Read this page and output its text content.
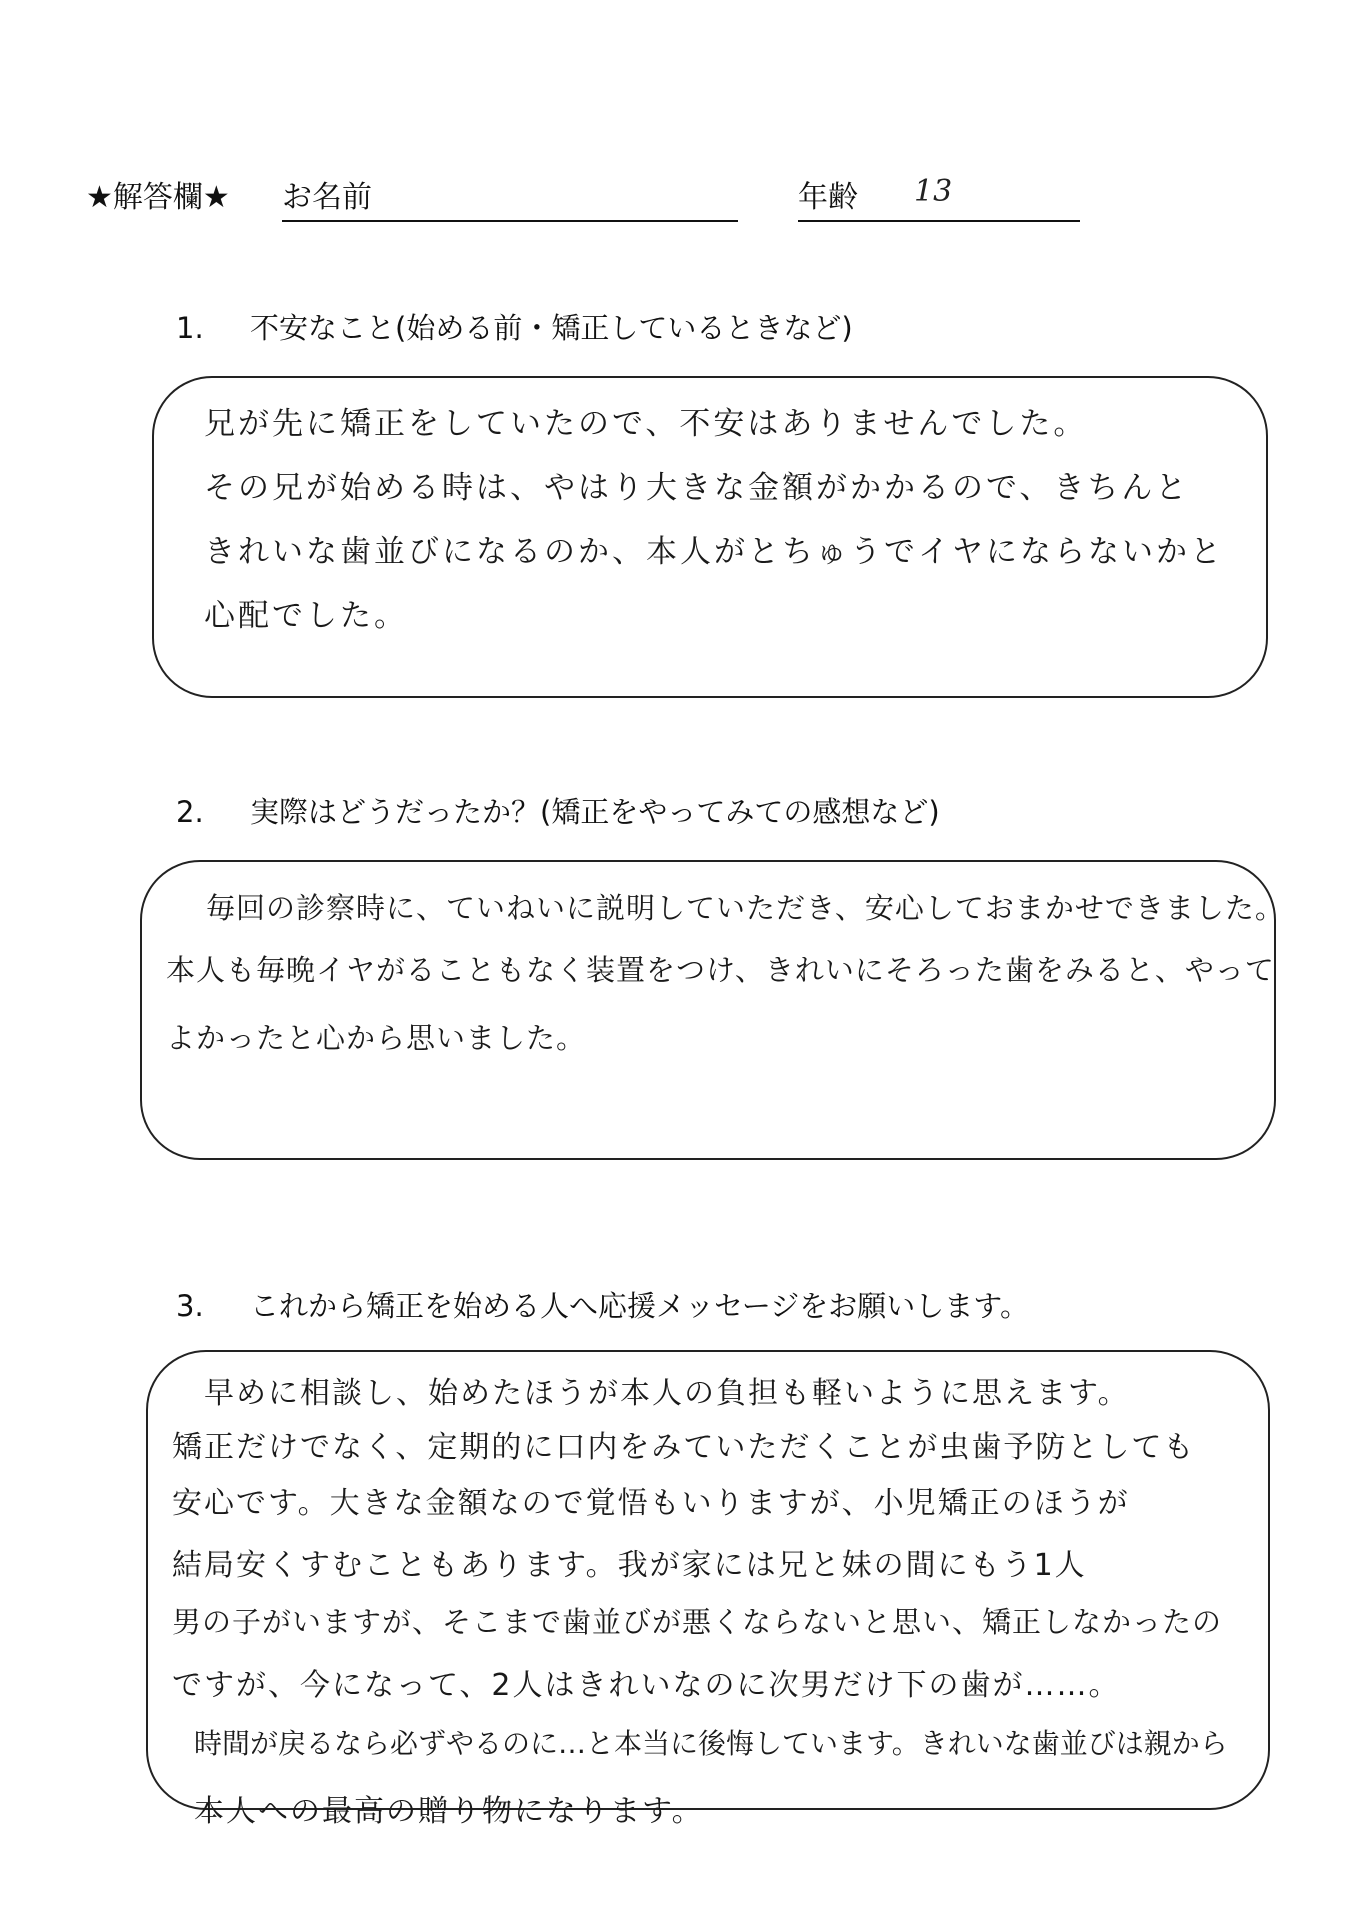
★解答欄★ お名前	年齢 13
1. 不安なこと(始める前・矯正しているときなど)
兄が先に矯正をしていたので、不安はありませんでした。
その兄が始める時は、やはり大きな金額がかかるので、きちんと
きれいな歯並びになるのか、本人がとちゅうでイヤにならないかと
心配でした。
2. 実際はどうだったか？(矯正をやってみての感想など)
毎回の診察時に、ていねいに説明していただき、安心しておまかせできました。
本人も毎晩イヤがることもなく装置をつけ、きれいにそろった歯をみると、やって
よかったと心から思いました。
3. これから矯正を始める人へ応援メッセージをお願いします。
早めに相談し、始めたほうが本人の負担も軽いように思えます。
矯正だけでなく、定期的に口内をみていただくことが虫歯予防としても
安心です。大きな金額なので覚悟もいりますが、小児矯正のほうが
結局安くすむこともあります。我が家には兄と妹の間にもう1人
男の子がいますが、そこまで歯並びが悪くならないと思い、矯正しなかったの
ですが、今になって、2人はきれいなのに次男だけ下の歯が……。
時間が戻るなら必ずやるのに…と本当に後悔しています。きれいな歯並びは親から
本人への最高の贈り物になります。
